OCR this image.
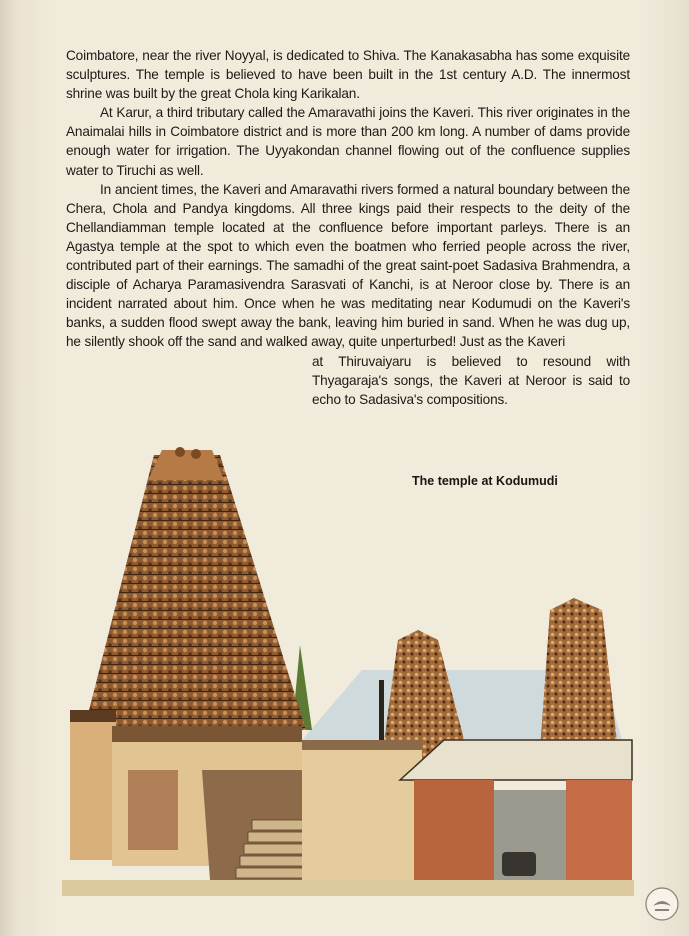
Coimbatore, near the river Noyyal, is dedicated to Shiva. The Kanakasabha has some exquisite sculptures. The temple is believed to have been built in the 1st century A.D. The innermost shrine was built by the great Chola king Karikalan.

At Karur, a third tributary called the Amaravathi joins the Kaveri. This river originates in the Anaimalai hills in Coimbatore district and is more than 200 km long. A number of dams provide enough water for irrigation. The Uyyakondan channel flowing out of the confluence supplies water to Tiruchi as well.

In ancient times, the Kaveri and Amaravathi rivers formed a natural boundary between the Chera, Chola and Pandya kingdoms. All three kings paid their respects to the deity of the Chellandiamman temple located at the confluence before important parleys. There is an Agastya temple at the spot to which even the boatmen who ferried people across the river, contributed part of their earnings. The samadhi of the great saint-poet Sadasiva Brahmendra, a disciple of Acharya Paramasivendra Sarasvati of Kanchi, is at Neroor close by. There is an incident narrated about him. Once when he was meditating near Kodumudi on the Kaveri's banks, a sudden flood swept away the bank, leaving him buried in sand. When he was dug up, he silently shook off the sand and walked away, quite unperturbed! Just as the Kaveri

at Thiruvaiyaru is believed to resound with Thyagaraja's songs, the Kaveri at Neroor is said to echo to Sadasiva's compositions.

The temple at Kodumudi
